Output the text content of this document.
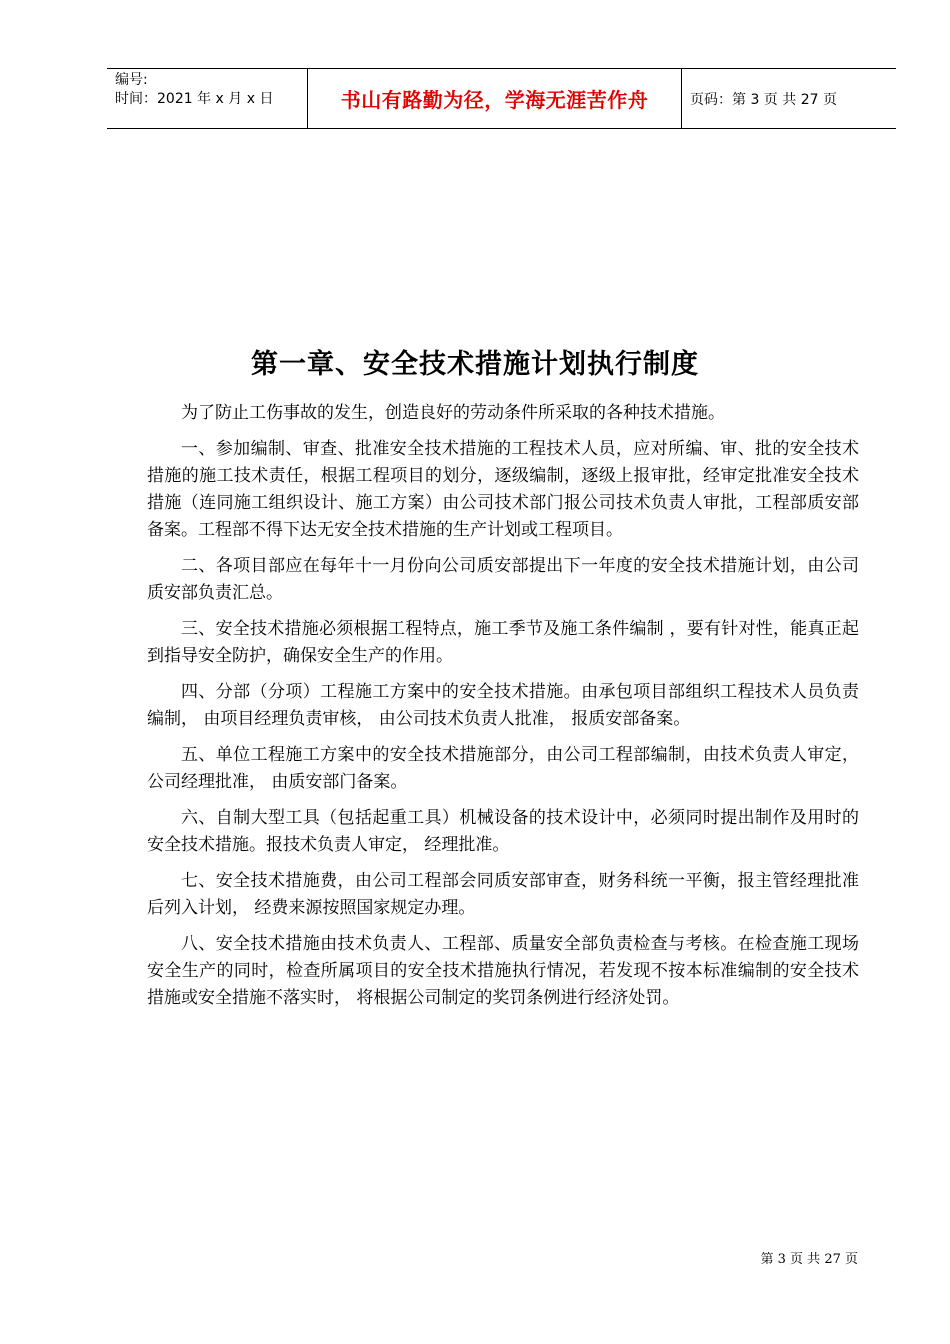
编号:
时间：2021 年 x 月 x 日	书山有路勤为径，学海无涯苦作舟	页码：第 3 页 共 27 页
第一章、安全技术措施计划执行制度

为了防止工伤事故的发生，创造良好的劳动条件所采取的各种技术措施。

一、参加编制、审查、批准安全技术措施的工程技术人员，应对所编、审、批的安全技术措施的施工技术责任，根据工程项目的划分，逐级编制，逐级上报审批，经审定批准安全技术措施（连同施工组织设计、施工方案）由公司技术部门报公司技术负责人审批，工程部质安部备案。工程部不得下达无安全技术措施的生产计划或工程项目。

二、各项目部应在每年十一月份向公司质安部提出下一年度的安全技术措施计划，由公司质安部负责汇总。

三、安全技术措施必须根据工程特点，施工季节及施工条件编制 ，要有针对性，能真正起到指导安全防护，确保安全生产的作用。

四、分部（分项）工程施工方案中的安全技术措施。由承包项目部组织工程技术人员负责编制， 由项目经理负责审核， 由公司技术负责人批准， 报质安部备案。

五、单位工程施工方案中的安全技术措施部分，由公司工程部编制，由技术负责人审定，公司经理批准， 由质安部门备案。

六、自制大型工具（包括起重工具）机械设备的技术设计中，必须同时提出制作及用时的安全技术措施。报技术负责人审定， 经理批准。

七、安全技术措施费，由公司工程部会同质安部审查，财务科统一平衡，报主管经理批准后列入计划， 经费来源按照国家规定办理。

八、安全技术措施由技术负责人、工程部、质量安全部负责检查与考核。在检查施工现场安全生产的同时，检查所属项目的安全技术措施执行情况，若发现不按本标准编制的安全技术措施或安全措施不落实时， 将根据公司制定的奖罚条例进行经济处罚。

第 3 页 共 27 页
